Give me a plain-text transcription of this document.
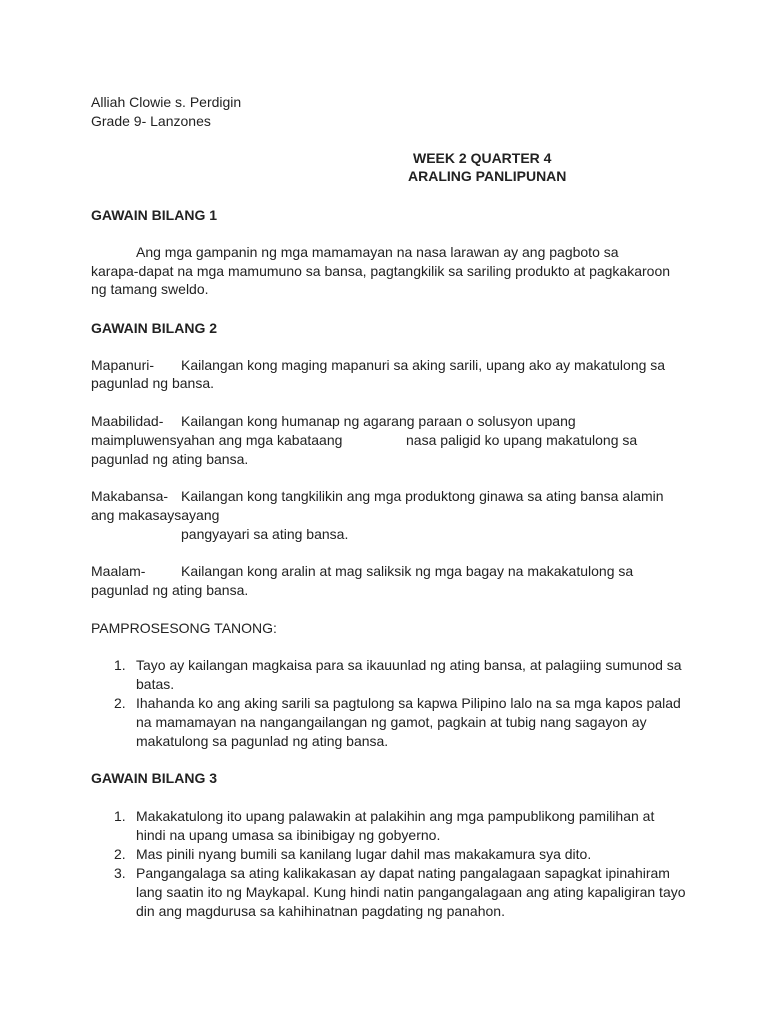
Alliah Clowie s. Perdigin
Grade 9- Lanzones
WEEK 2 QUARTER 4
ARALING PANLIPUNAN
GAWAIN BILANG 1
Ang mga gampanin ng mga mamamayan na nasa larawan ay ang pagboto sa
karapa-dapat na mga mamumuno sa bansa, pagtangkilik sa sariling produkto at pagkakaroon
ng tamang sweldo.
GAWAIN BILANG 2
Mapanuri- Kailangan kong maging mapanuri sa aking sarili, upang ako ay makatulong sa
pagunlad ng bansa.
Maabilidad- Kailangan kong humanap ng agarang paraan o solusyon upang
maimpluwensyahan ang mga kabataang	nasa paligid ko upang makatulong sa
pagunlad ng ating bansa.
Makabansa- Kailangan kong tangkilikin ang mga produktong ginawa sa ating bansa alamin
ang makasaysayang
pangyayari sa ating bansa.
Maalam-	Kailangan kong aralin at mag saliksik ng mga bagay na makakatulong sa
pagunlad ng ating bansa.
PAMPROSESONG TANONG:
1. Tayo ay kailangan magkaisa para sa ikauunlad ng ating bansa, at palagiing sumunod sa
batas.
2. Ihahanda ko ang aking sarili sa pagtulong sa kapwa Pilipino lalo na sa mga kapos palad
na mamamayan na nangangailangan ng gamot, pagkain at tubig nang sagayon ay
makatulong sa pagunlad ng ating bansa.
GAWAIN BILANG 3
1. Makakatulong ito upang palawakin at palakihin ang mga pampublikong pamilihan at
hindi na upang umasa sa ibinibigay ng gobyerno.
2. Mas pinili nyang bumili sa kanilang lugar dahil mas makakamura sya dito.
3. Pangangalaga sa ating kalikakasan ay dapat nating pangalagaan sapagkat ipinahiram
lang saatin ito ng Maykapal. Kung hindi natin pangangalagaan ang ating kapaligiran tayo
din ang magdurusa sa kahihinatnan pagdating ng panahon.
